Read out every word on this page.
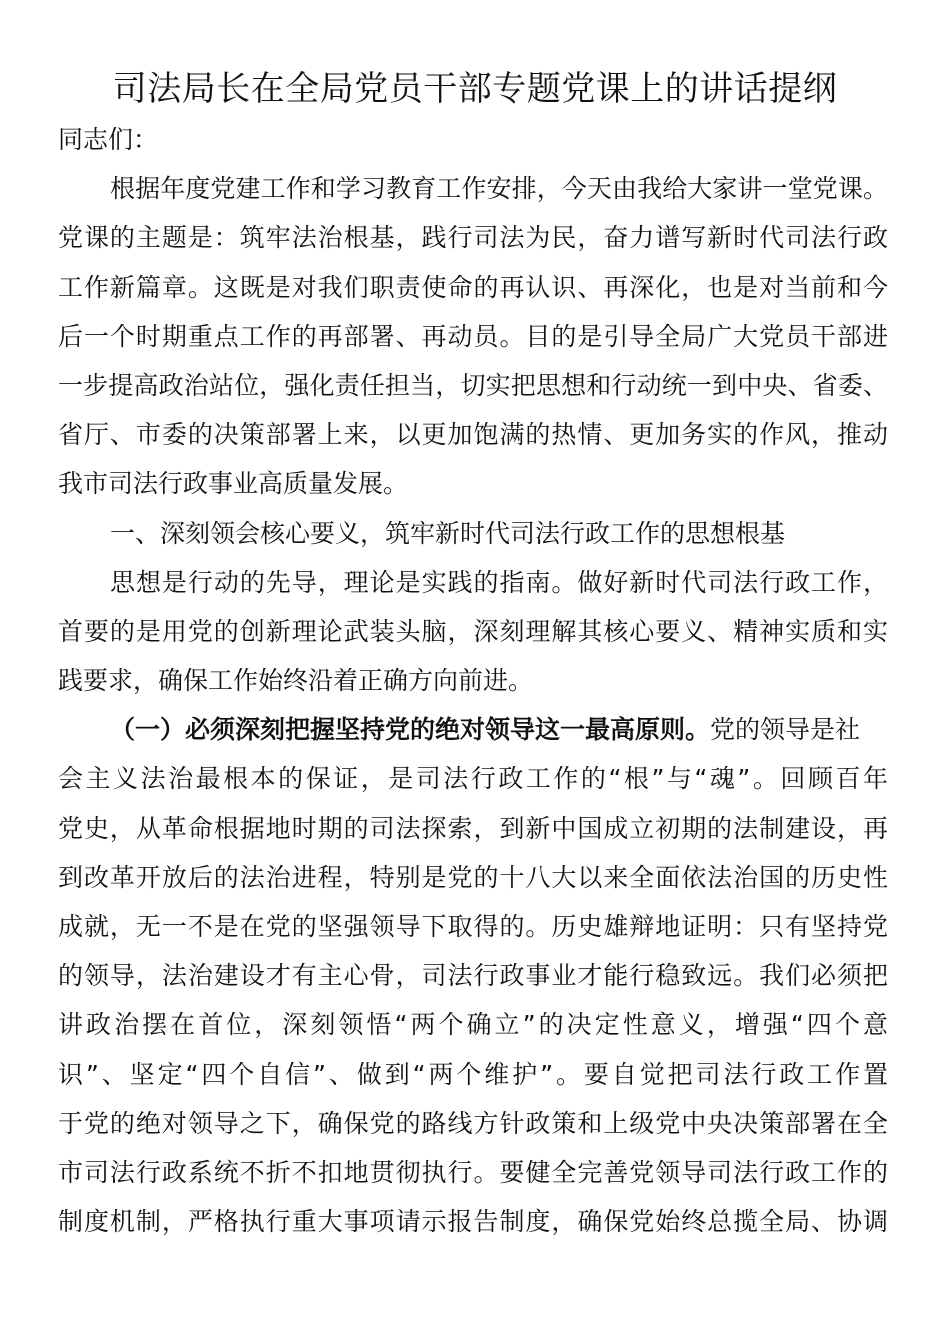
司法局长在全局党员干部专题党课上的讲话提纲
同志们：
根据年度党建工作和学习教育工作安排，今天由我给大家讲一堂党课。
党课的主题是：筑牢法治根基，践行司法为民，奋力谱写新时代司法行政
工作新篇章。这既是对我们职责使命的再认识、再深化，也是对当前和今
后一个时期重点工作的再部署、再动员。目的是引导全局广大党员干部进
一步提高政治站位，强化责任担当，切实把思想和行动统一到中央、省委、
省厅、市委的决策部署上来，以更加饱满的热情、更加务实的作风，推动
我市司法行政事业高质量发展。
一、深刻领会核心要义，筑牢新时代司法行政工作的思想根基
思想是行动的先导，理论是实践的指南。做好新时代司法行政工作，
首要的是用党的创新理论武装头脑，深刻理解其核心要义、精神实质和实
践要求，确保工作始终沿着正确方向前进。
（一）必须深刻把握坚持党的绝对领导这一最高原则。党的领导是社
会主义法治最根本的保证，是司法行政工作的“根”与“魂”。回顾百年
党史，从革命根据地时期的司法探索，到新中国成立初期的法制建设，再
到改革开放后的法治进程，特别是党的十八大以来全面依法治国的历史性
成就，无一不是在党的坚强领导下取得的。历史雄辩地证明：只有坚持党
的领导，法治建设才有主心骨，司法行政事业才能行稳致远。我们必须把
讲政治摆在首位，深刻领悟“两个确立”的决定性意义，增强“四个意
识”、坚定“四个自信”、做到“两个维护”。要自觉把司法行政工作置
于党的绝对领导之下，确保党的路线方针政策和上级党中央决策部署在全
市司法行政系统不折不扣地贯彻执行。要健全完善党领导司法行政工作的
制度机制，严格执行重大事项请示报告制度，确保党始终总揽全局、协调
